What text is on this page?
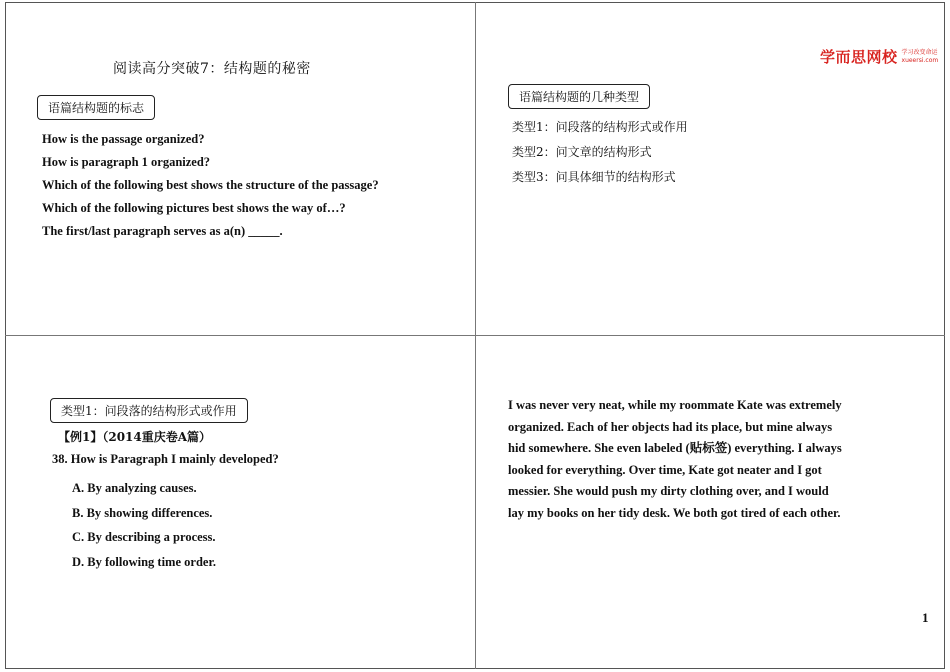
阅读高分突破7：结构题的秘密
语篇结构题的标志
How is the passage organized?
How is paragraph 1 organized?
Which of the following best shows the structure of the passage?
Which of the following pictures best shows the way of…?
The first/last paragraph serves as a(n) _____.
学而思网校 学习改变命运
xueersi.com
语篇结构题的几种类型
类型1：问段落的结构形式或作用
类型2：问文章的结构形式
类型3：问具体细节的结构形式
类型1：问段落的结构形式或作用
【例1】（2014重庆卷A篇）
38. How is Paragraph I mainly developed?
A. By analyzing causes.
B. By showing differences.
C. By describing a process.
D. By following time order.
I was never very neat, while my roommate Kate was extremely
organized. Each of her objects had its place, but mine always
hid somewhere. She even labeled (贴标签) everything. I always
looked for everything. Over time, Kate got neater and I got
messier. She would push my dirty clothing over, and I would
lay my books on her tidy desk. We both got tired of each other.
1
